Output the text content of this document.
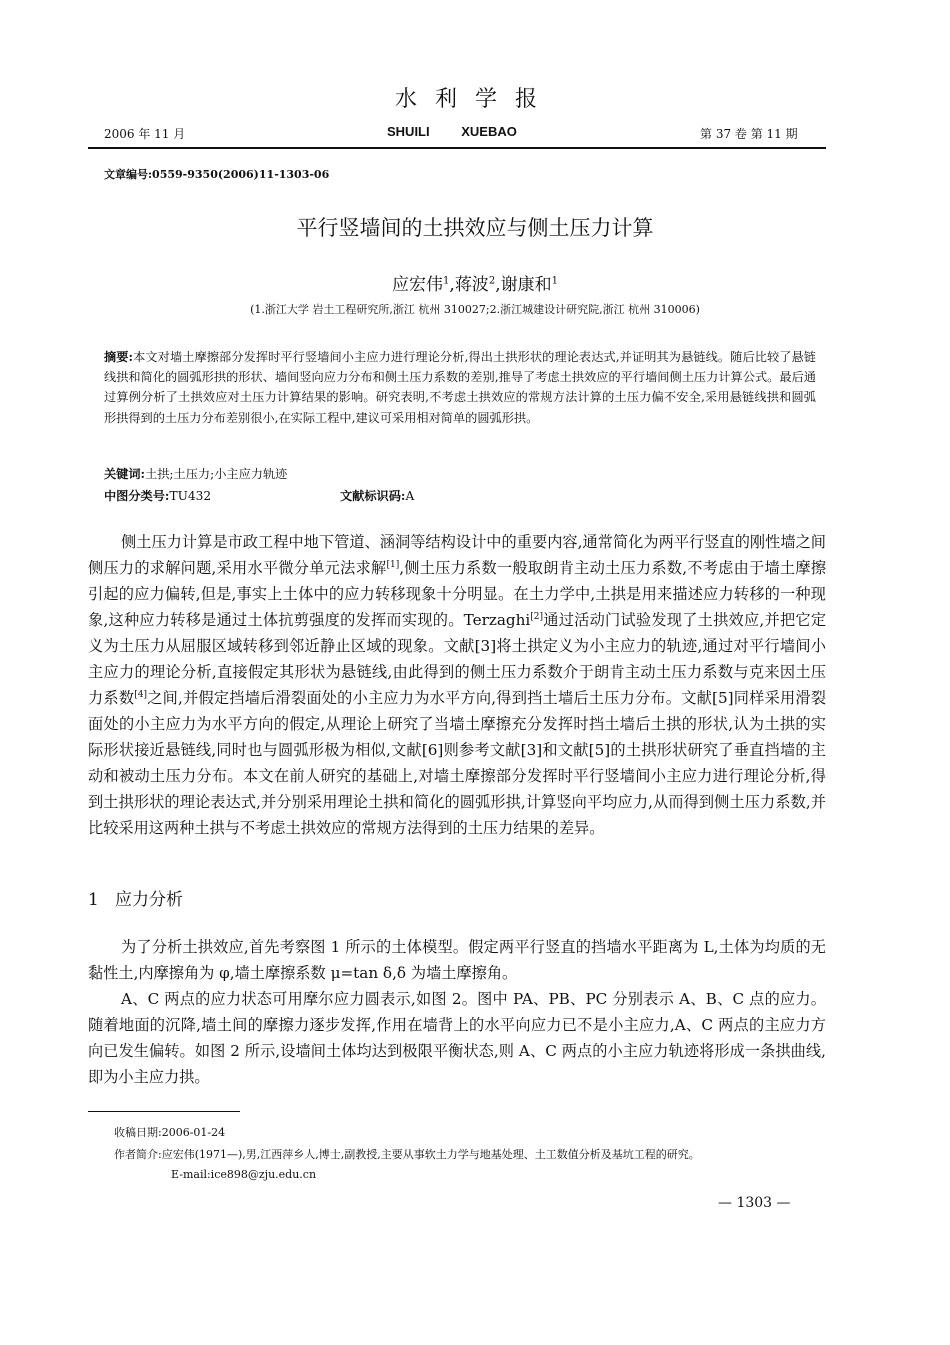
水利学报
2006 年 11 月	SHUILI XUEBAO	第 37 卷 第 11 期
文章编号:0559-9350(2006)11-1303-06
平行竖墙间的土拱效应与侧土压力计算
应宏伟$^1$,蒋波$^2$,谢康和$^1$
(1.浙江大学 岩土工程研究所,浙江 杭州 310027;2.浙江城建设计研究院,浙江 杭州 310006)
摘要:本文对墙土摩擦部分发挥时平行竖墙间小主应力进行理论分析,得出土拱形状的理论表达式,并证明其为悬链线。随后比较了悬链线拱和简化的圆弧形拱的形状、墙间竖向应力分布和侧土压力系数的差别,推导了考虑土拱效应的平行墙间侧土压力计算公式。最后通过算例分析了土拱效应对土压力计算结果的影响。研究表明,不考虑土拱效应的常规方法计算的土压力偏不安全,采用悬链线拱和圆弧形拱得到的土压力分布差别很小,在实际工程中,建议可采用相对简单的圆弧形拱。
关键词:土拱;土压力;小主应力轨迹
中图分类号:TU432	文献标识码:A
侧土压力计算是市政工程中地下管道、涵洞等结构设计中的重要内容,通常简化为两平行竖直的刚性墙之间侧压力的求解问题,采用水平微分单元法求解[1],侧土压力系数一般取朗肯主动土压力系数,不考虑由于墙土摩擦引起的应力偏转,但是,事实上土体中的应力转移现象十分明显。在土力学中,土拱是用来描述应力转移的一种现象,这种应力转移是通过土体抗剪强度的发挥而实现的。Terzaghi[2]通过活动门试验发现了土拱效应,并把它定义为土压力从屈服区域转移到邻近静止区域的现象。文献[3]将土拱定义为小主应力的轨迹,通过对平行墙间小主应力的理论分析,直接假定其形状为悬链线,由此得到的侧土压力系数介于朗肯主动土压力系数与克来因土压力系数[4]之间,并假定挡墙后滑裂面处的小主应力为水平方向,得到挡土墙后土压力分布。文献[5]同样采用滑裂面处的小主应力为水平方向的假定,从理论上研究了当墙土摩擦充分发挥时挡土墙后土拱的形状,认为土拱的实际形状接近悬链线,同时也与圆弧形极为相似,文献[6]则参考文献[3]和文献[5]的土拱形状研究了垂直挡墙的主动和被动土压力分布。本文在前人研究的基础上,对墙土摩擦部分发挥时平行竖墙间小主应力进行理论分析,得到土拱形状的理论表达式,并分别采用理论土拱和简化的圆弧形拱,计算竖向平均应力,从而得到侧土压力系数,并比较采用这两种土拱与不考虑土拱效应的常规方法得到的土压力结果的差异。
1 应力分析
为了分析土拱效应,首先考察图 1 所示的土体模型。假定两平行竖直的挡墙水平距离为 L,土体为均质的无黏性土,内摩擦角为 φ,墙土摩擦系数 μ=tan δ,δ 为墙土摩擦角。
A、C 两点的应力状态可用摩尔应力圆表示,如图 2。图中 PA、PB、PC 分别表示 A、B、C 点的应力。随着地面的沉降,墙土间的摩擦力逐步发挥,作用在墙背上的水平向应力已不是小主应力,A、C 两点的主应力方向已发生偏转。如图 2 所示,设墙间土体均达到极限平衡状态,则 A、C 两点的小主应力轨迹将形成一条拱曲线,即为小主应力拱。
收稿日期:2006-01-24
作者简介:应宏伟(1971—),男,江西萍乡人,博士,副教授,主要从事软土力学与地基处理、土工数值分析及基坑工程的研究。
E-mail:ice898@zju.edu.cn
— 1303 —
